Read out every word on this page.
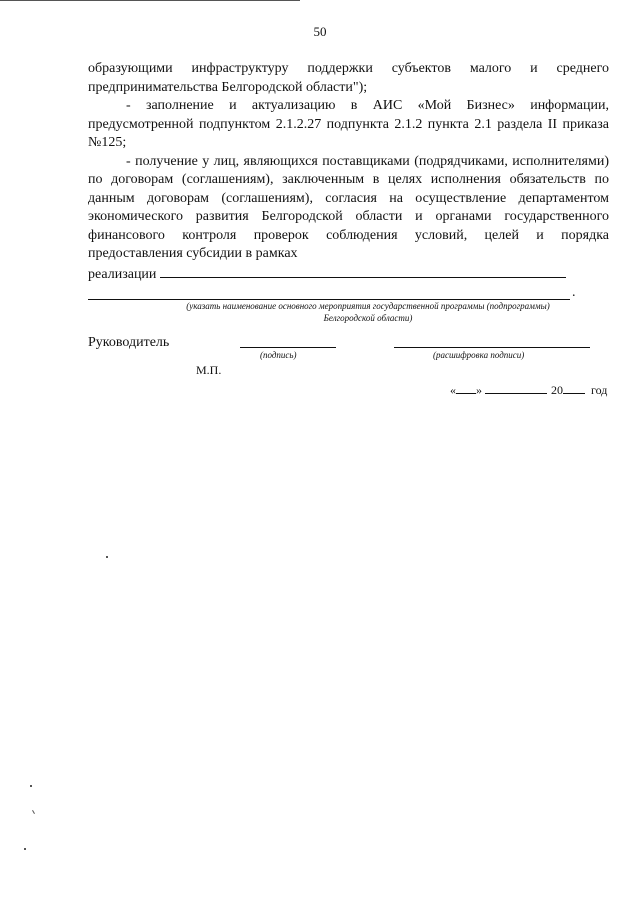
50

образующими инфраструктуру поддержки субъектов малого и среднего предпринимательства Белгородской области");

- заполнение и актуализацию в АИС «Мой Бизнес» информации, предусмотренной подпунктом 2.1.2.27 подпункта 2.1.2 пункта 2.1 раздела II приказа №125;

- получение у лиц, являющихся поставщиками (подрядчиками, исполнителями) по договорам (соглашениям), заключенным в целях исполнения обязательств по данным договорам (соглашениям), согласия на осуществление департаментом экономического развития Белгородской области и органами государственного финансового контроля проверок соблюдения условий, целей и порядка предоставления субсидии в рамках

реализации
.
(указать наименование основного мероприятия государственной программы (подпрограммы) Белгородской области)
Руководитель
(подпись)	(расшифровка подписи)
М.П.
« »	20 год
